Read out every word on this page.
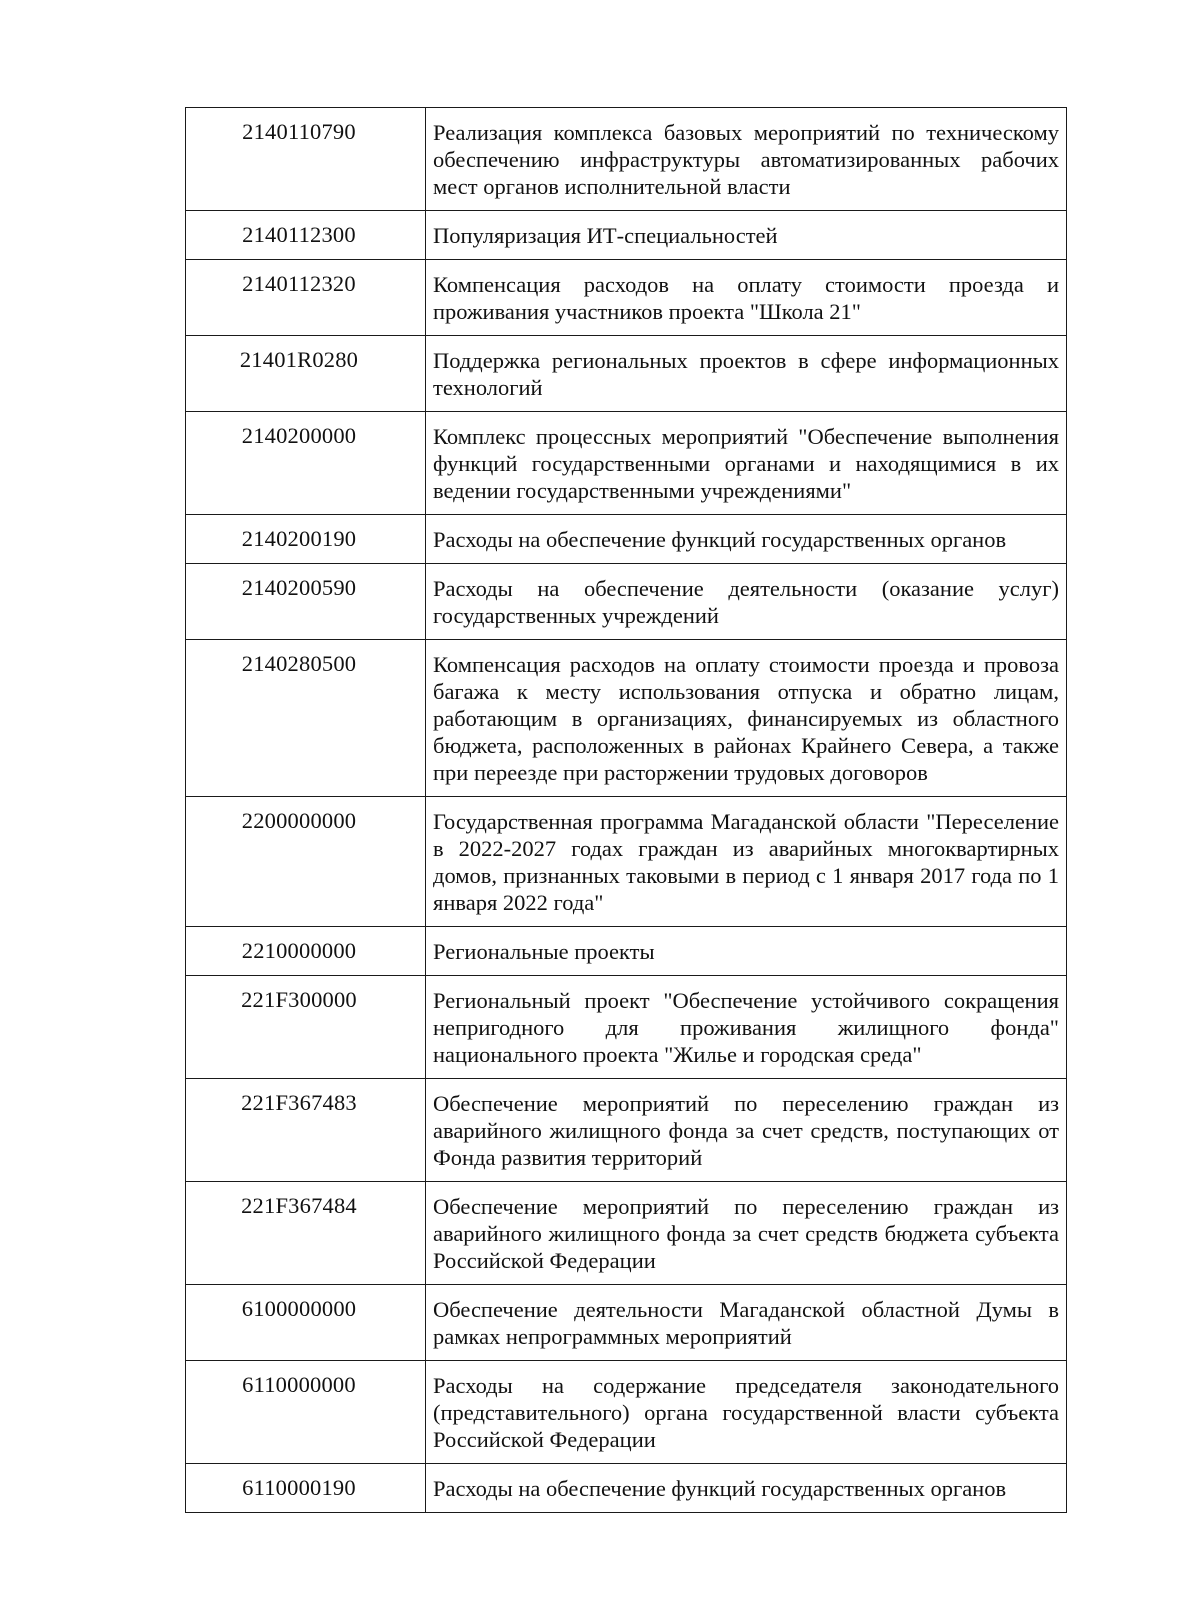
2140110790	Реализация комплекса базовых мероприятий по техническому обеспечению инфраструктуры автоматизированных рабочих мест органов исполнительной власти
2140112300	Популяризация ИТ-специальностей
2140112320	Компенсация расходов на оплату стоимости проезда и проживания участников проекта "Школа 21"
21401R0280	Поддержка региональных проектов в сфере информационных технологий
2140200000	Комплекс процессных мероприятий "Обеспечение выполнения функций государственными органами и находящимися в их ведении государственными учреждениями"
2140200190	Расходы на обеспечение функций государственных органов
2140200590	Расходы на обеспечение деятельности (оказание услуг) государственных учреждений
2140280500	Компенсация расходов на оплату стоимости проезда и провоза багажа к месту использования отпуска и обратно лицам, работающим в организациях, финансируемых из областного бюджета, расположенных в районах Крайнего Севера, а также при переезде при расторжении трудовых договоров
2200000000	Государственная программа Магаданской области "Переселение в 2022-2027 годах граждан из аварийных многоквартирных домов, признанных таковыми в период с 1 января 2017 года по 1 января 2022 года"
2210000000	Региональные проекты
221F300000	Региональный проект "Обеспечение устойчивого сокращения непригодного для проживания жилищного фонда" национального проекта "Жилье и городская среда"
221F367483	Обеспечение мероприятий по переселению граждан из аварийного жилищного фонда за счет средств, поступающих от Фонда развития территорий
221F367484	Обеспечение мероприятий по переселению граждан из аварийного жилищного фонда за счет средств бюджета субъекта Российской Федерации
6100000000	Обеспечение деятельности Магаданской областной Думы в рамках непрограммных мероприятий
6110000000	Расходы на содержание председателя законодательного (представительного) органа государственной власти субъекта Российской Федерации
6110000190	Расходы на обеспечение функций государственных органов
